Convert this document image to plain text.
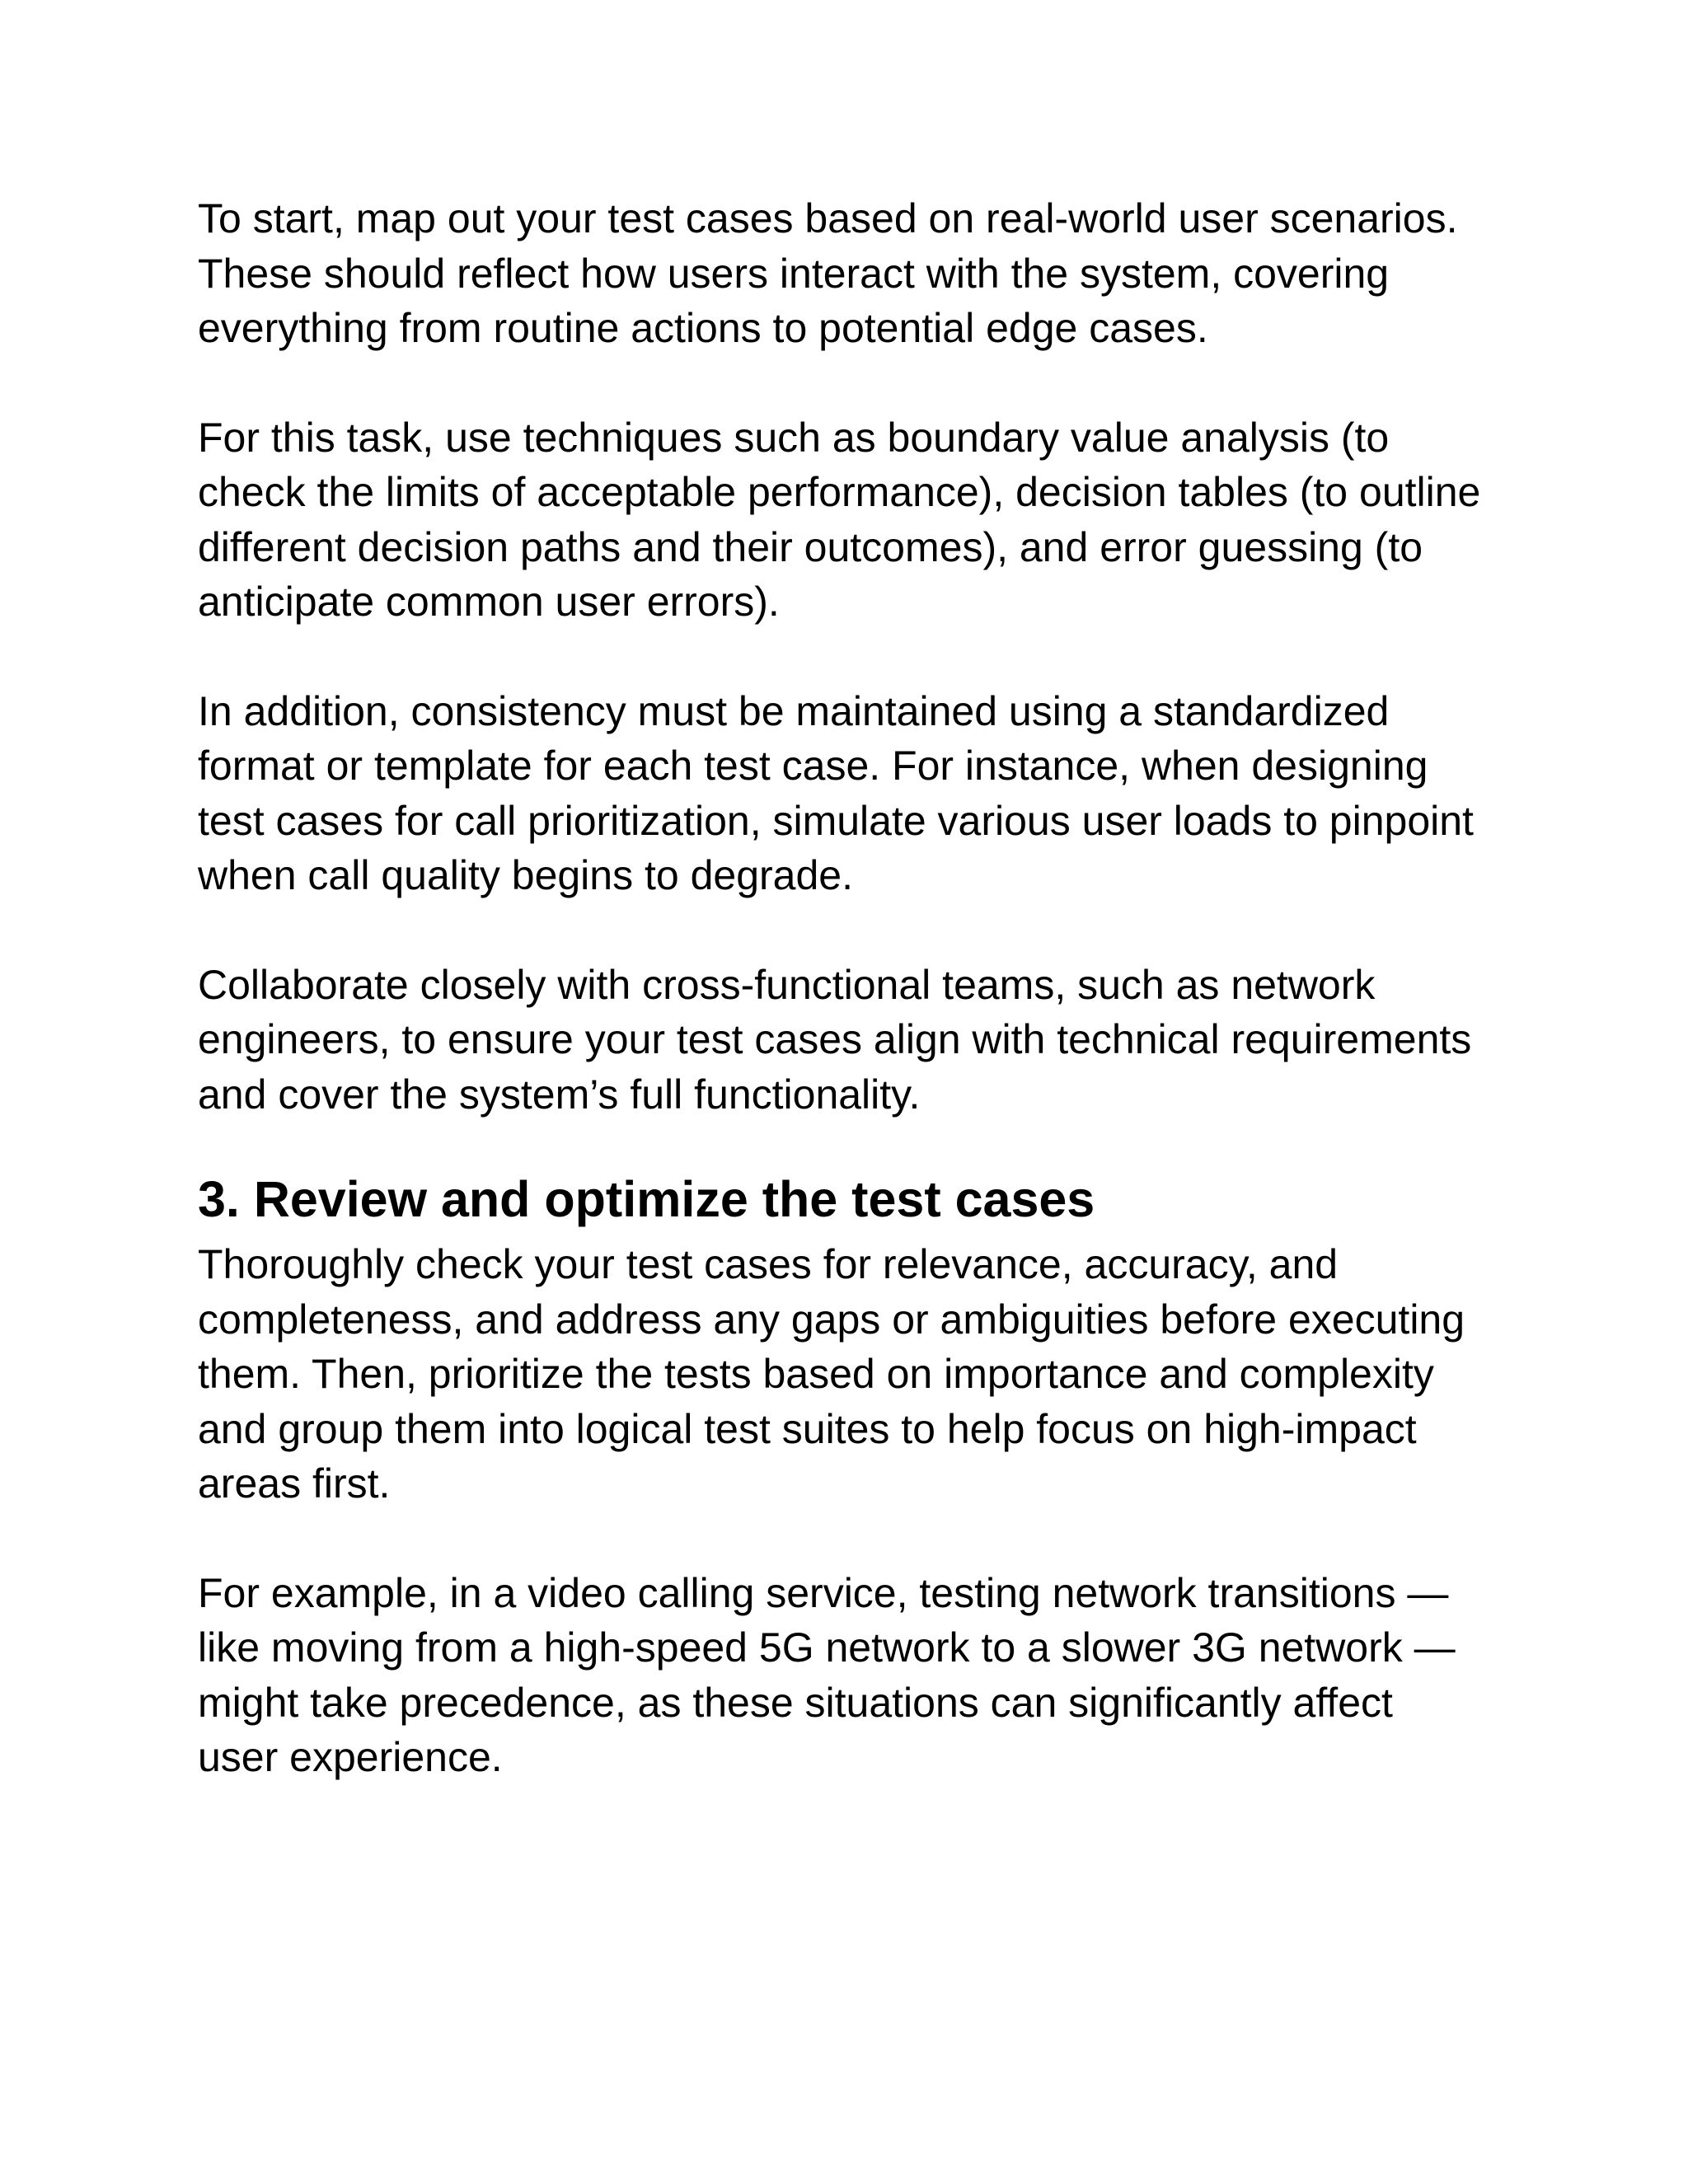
To start, map out your test cases based on real-world user scenarios.
These should reflect how users interact with the system, covering
everything from routine actions to potential edge cases.

For this task, use techniques such as boundary value analysis (to
check the limits of acceptable performance), decision tables (to outline
different decision paths and their outcomes), and error guessing (to
anticipate common user errors).

In addition, consistency must be maintained using a standardized
format or template for each test case. For instance, when designing
test cases for call prioritization, simulate various user loads to pinpoint
when call quality begins to degrade.

Collaborate closely with cross-functional teams, such as network
engineers, to ensure your test cases align with technical requirements
and cover the system’s full functionality.

3. Review and optimize the test cases

Thoroughly check your test cases for relevance, accuracy, and
completeness, and address any gaps or ambiguities before executing
them. Then, prioritize the tests based on importance and complexity
and group them into logical test suites to help focus on high-impact
areas first.

For example, in a video calling service, testing network transitions —
like moving from a high-speed 5G network to a slower 3G network —
might take precedence, as these situations can significantly affect
user experience.
